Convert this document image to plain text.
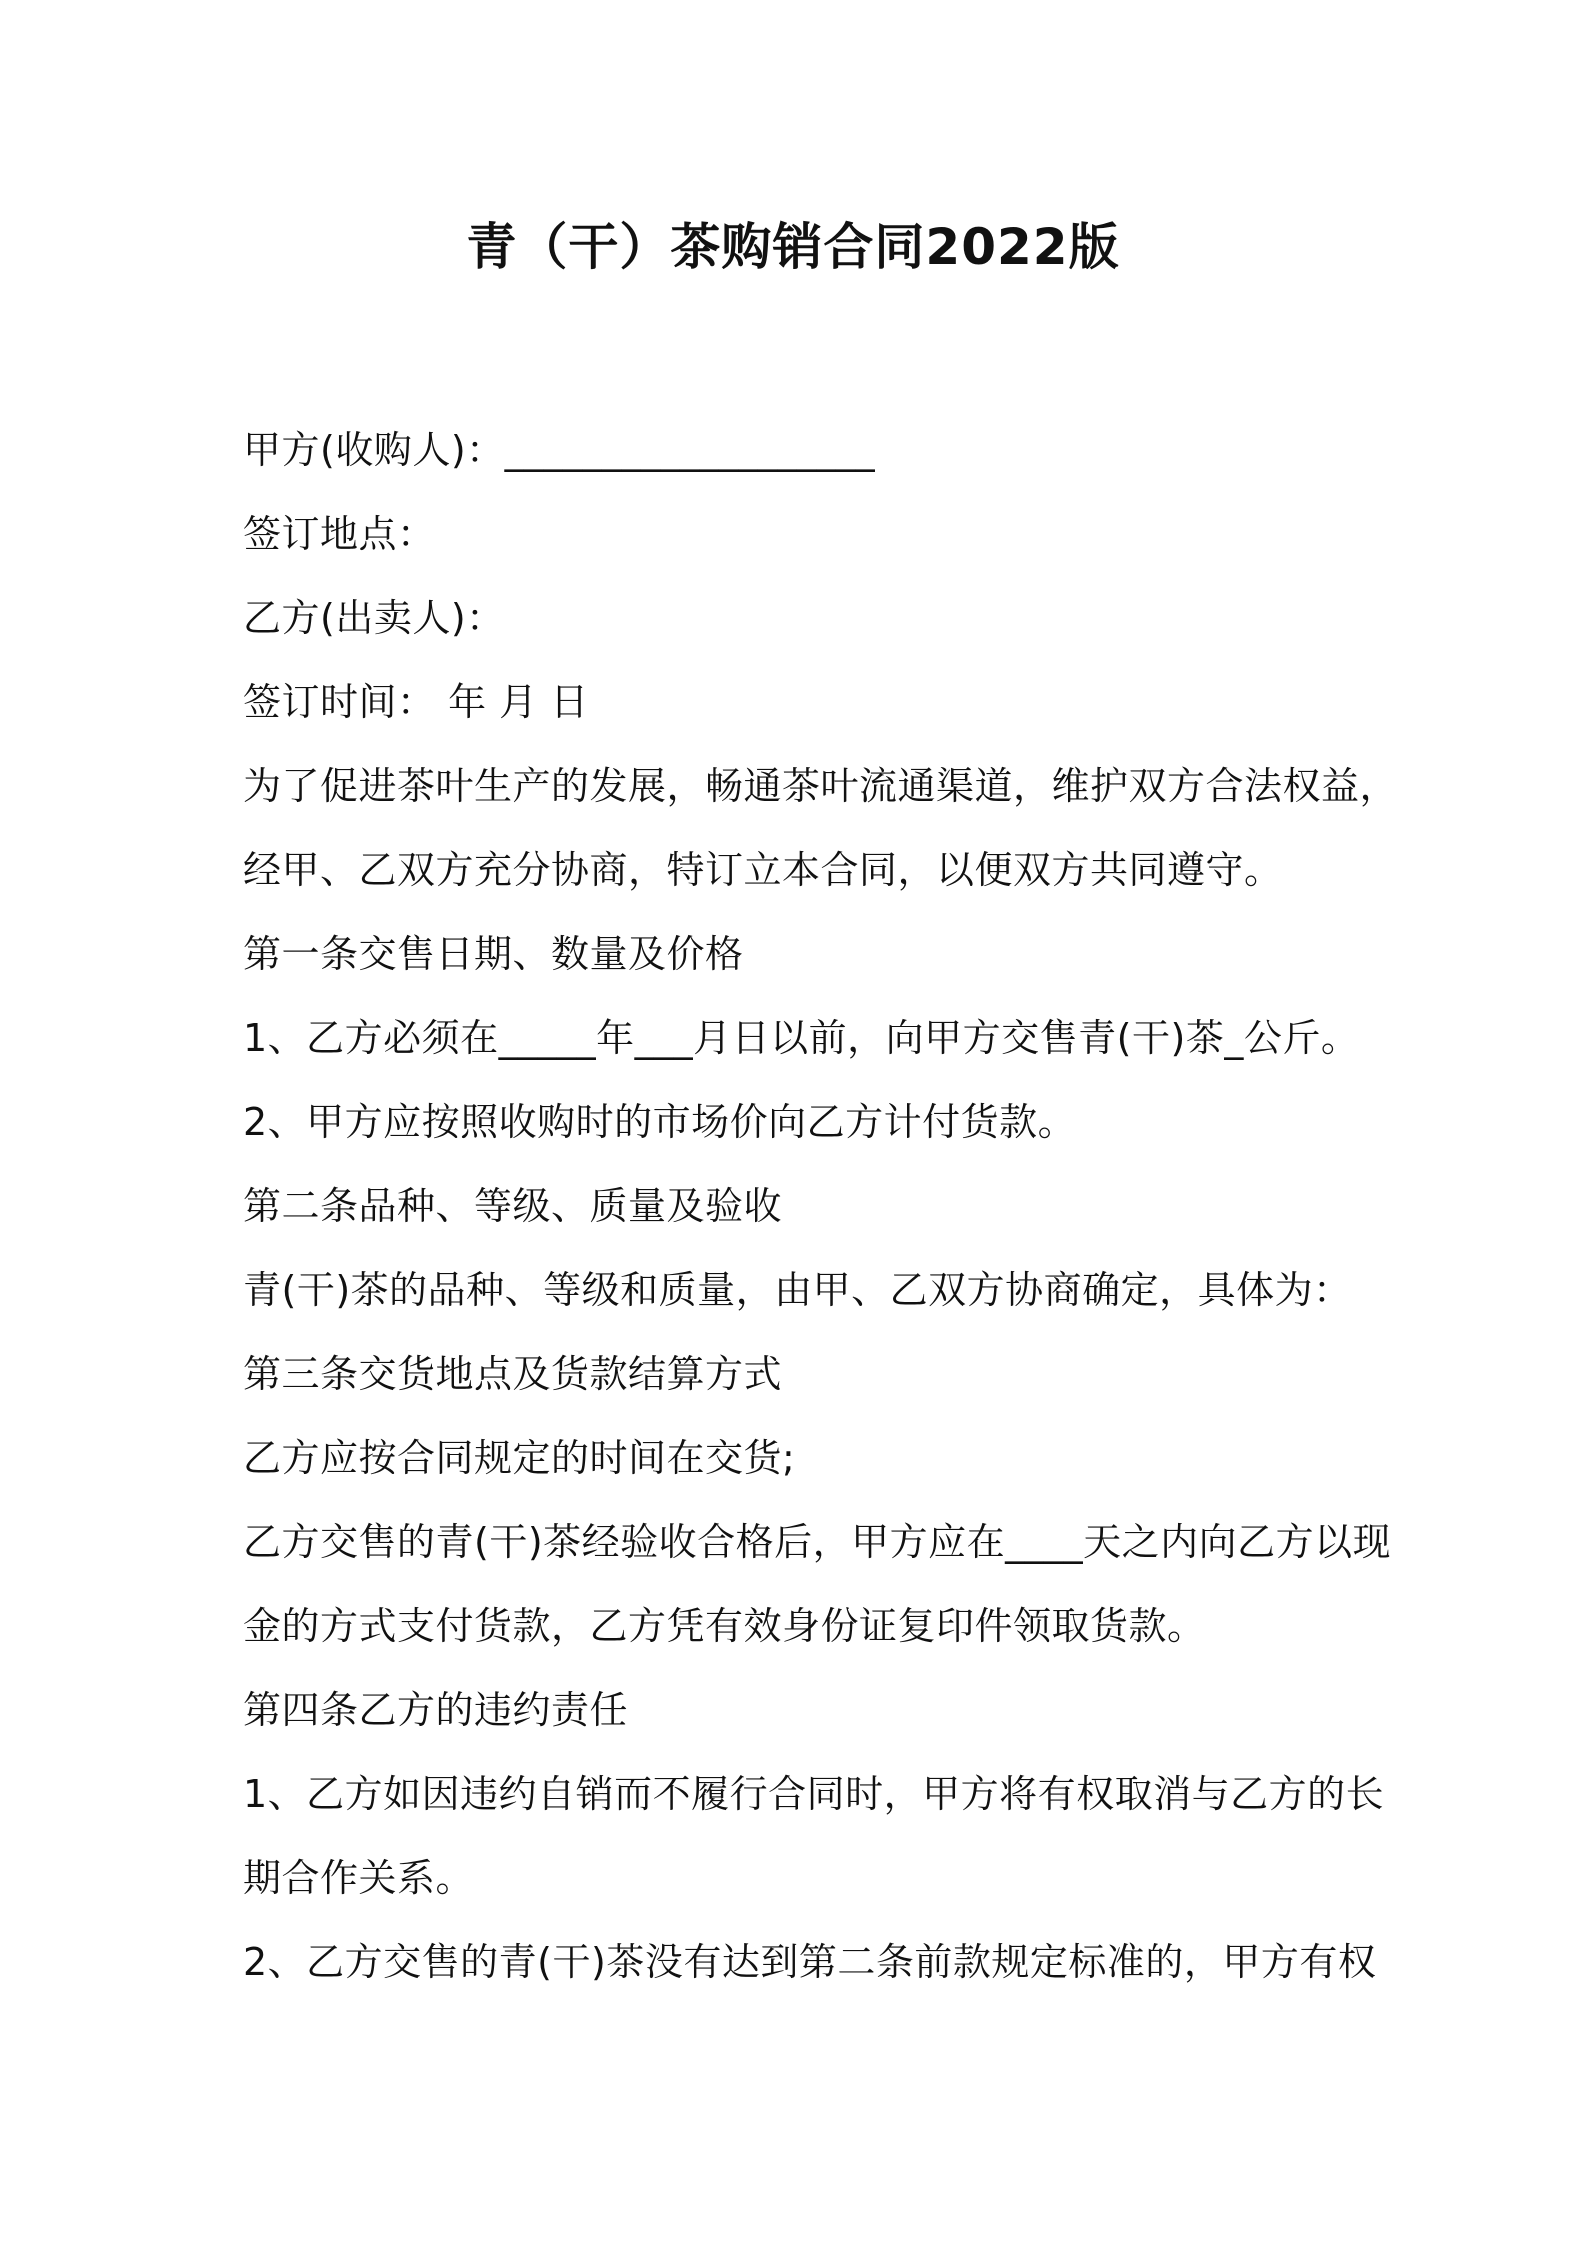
青（干）茶购销合同2022版
甲方(收购人)：___________________
签订地点：
乙方(出卖人)：
签订时间： 年 月 日
为了促进茶叶生产的发展，畅通茶叶流通渠道，维护双方合法权益，
经甲、乙双方充分协商，特订立本合同，以便双方共同遵守。
第一条交售日期、数量及价格
1、乙方必须在_____年___月日以前，向甲方交售青(干)茶_公斤。
2、甲方应按照收购时的市场价向乙方计付货款。
第二条品种、等级、质量及验收
青(干)茶的品种、等级和质量，由甲、乙双方协商确定，具体为：
第三条交货地点及货款结算方式
乙方应按合同规定的时间在交货;
乙方交售的青(干)茶经验收合格后，甲方应在____天之内向乙方以现
金的方式支付货款，乙方凭有效身份证复印件领取货款。
第四条乙方的违约责任
1、乙方如因违约自销而不履行合同时，甲方将有权取消与乙方的长
期合作关系。
2、乙方交售的青(干)茶没有达到第二条前款规定标准的，甲方有权
